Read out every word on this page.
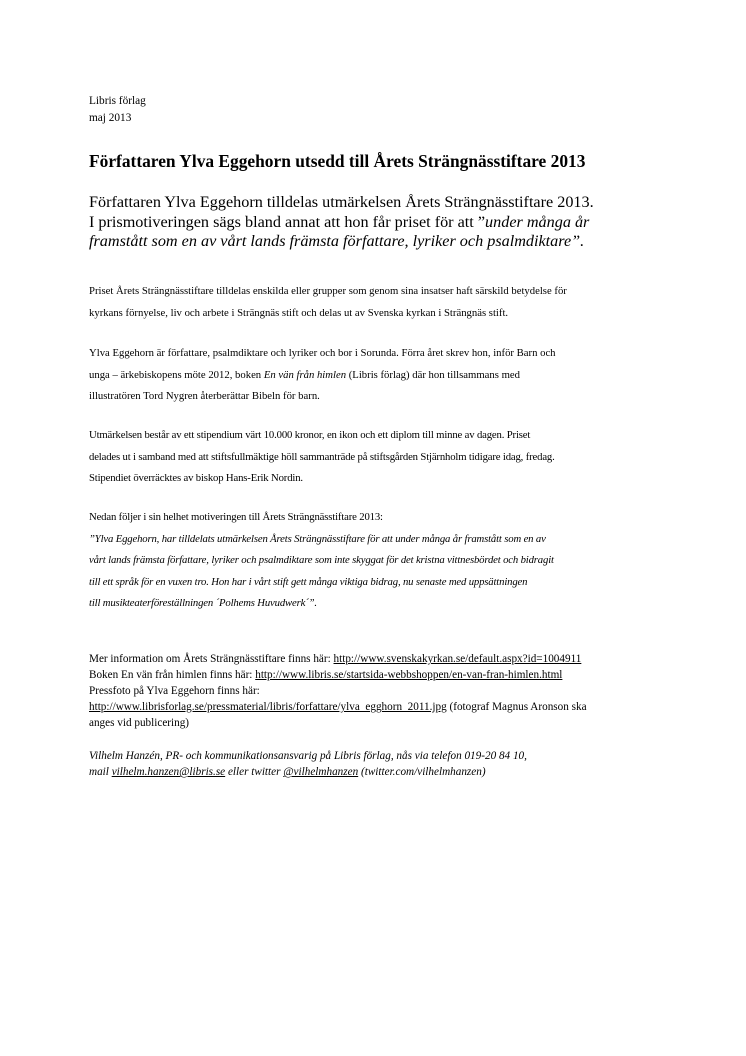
Libris förlag
maj 2013
Författaren Ylva Eggehorn utsedd till Årets Strängnässtiftare 2013
Författaren Ylva Eggehorn tilldelas utmärkelsen Årets Strängnässtiftare 2013.
I prismotiveringen sägs bland annat att hon får priset för att ”under många år
framstått som en av vårt lands främsta författare, lyriker och psalmdiktare”.
Priset Årets Strängnässtiftare tilldelas enskilda eller grupper som genom sina insatser haft särskild betydelse för
kyrkans förnyelse, liv och arbete i Strängnäs stift och delas ut av Svenska kyrkan i Strängnäs stift.
Ylva Eggehorn är författare, psalmdiktare och lyriker och bor i Sorunda. Förra året skrev hon, inför Barn och
unga – ärkebiskopens möte 2012, boken En vän från himlen (Libris förlag) där hon tillsammans med
illustratören Tord Nygren återberättar Bibeln för barn.
Utmärkelsen består av ett stipendium värt 10.000 kronor, en ikon och ett diplom till minne av dagen. Priset
delades ut i samband med att stiftsfullmäktige höll sammanträde på stiftsgården Stjärnholm tidigare idag, fredag.
Stipendiet överräcktes av biskop Hans-Erik Nordin.
Nedan följer i sin helhet motiveringen till Årets Strängnässtiftare 2013:
”Ylva Eggehorn, har tilldelats utmärkelsen Årets Strängnässtiftare för att under många år framstått som en av
vårt lands främsta författare, lyriker och psalmdiktare som inte skyggat för det kristna vittnesbördet och bidragit
till ett språk för en vuxen tro. Hon har i vårt stift gett många viktiga bidrag, nu senaste med uppsättningen
till musikteaterföreställningen ´Polhems Huvudwerk´”.
Mer information om Årets Strängnässtiftare finns här: http://www.svenskakyrkan.se/default.aspx?id=1004911
Boken En vän från himlen finns här: http://www.libris.se/startsida-webbshoppen/en-van-fran-himlen.html
Pressfoto på Ylva Eggehorn finns här:
http://www.librisforlag.se/pressmaterial/libris/forfattare/ylva_egghorn_2011.jpg (fotograf Magnus Aronson ska
anges vid publicering)
Vilhelm Hanzén, PR- och kommunikationsansvarig på Libris förlag, nås via telefon 019-20 84 10,
mail vilhelm.hanzen@libris.se eller twitter @vilhelmhanzen (twitter.com/vilhelmhanzen)
